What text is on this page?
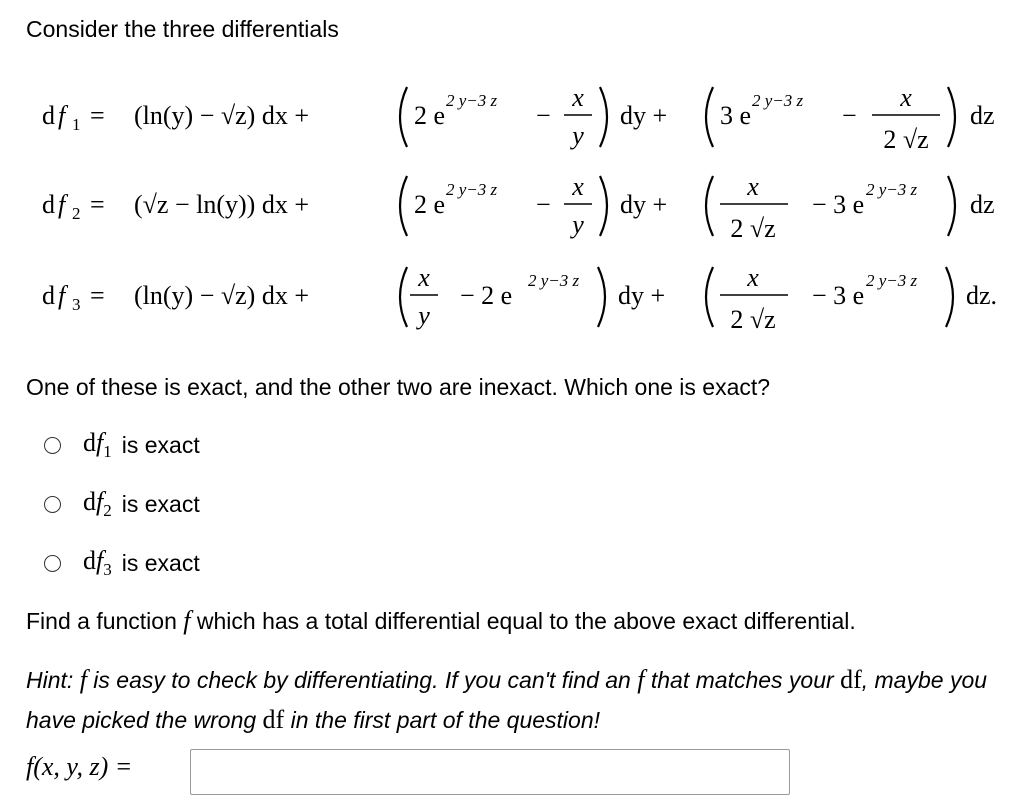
Consider the three differentials
d f 1 = (ln(y) − √z) dx +	2 e
2 y−3 z
−
x
y
dy + 3 e
2 y−3 z
−
x
2 √z
dz
d f 2 = (√z − ln(y)) dx +	2 e
2 y−3 z
−
x
y
dy +
x
2 √z
− 3 e
2 y−3 z
dz
d f 3 = (ln(y) − √z) dx +
x
y
− 2 e
2 y−3 z
dy +
x
2 √z
− 3 e
2 y−3 z
dz.
One of these is exact, and the other two are inexact. Which one is exact?
$df_1$ is exact
$df_2$ is exact
$df_3$ is exact
Find a function f which has a total differential equal to the above exact differential.
Hint: f is easy to check by differentiating. If you can't find an f that matches your df, maybe you have picked the wrong df in the first part of the question!
f(x, y, z) =
